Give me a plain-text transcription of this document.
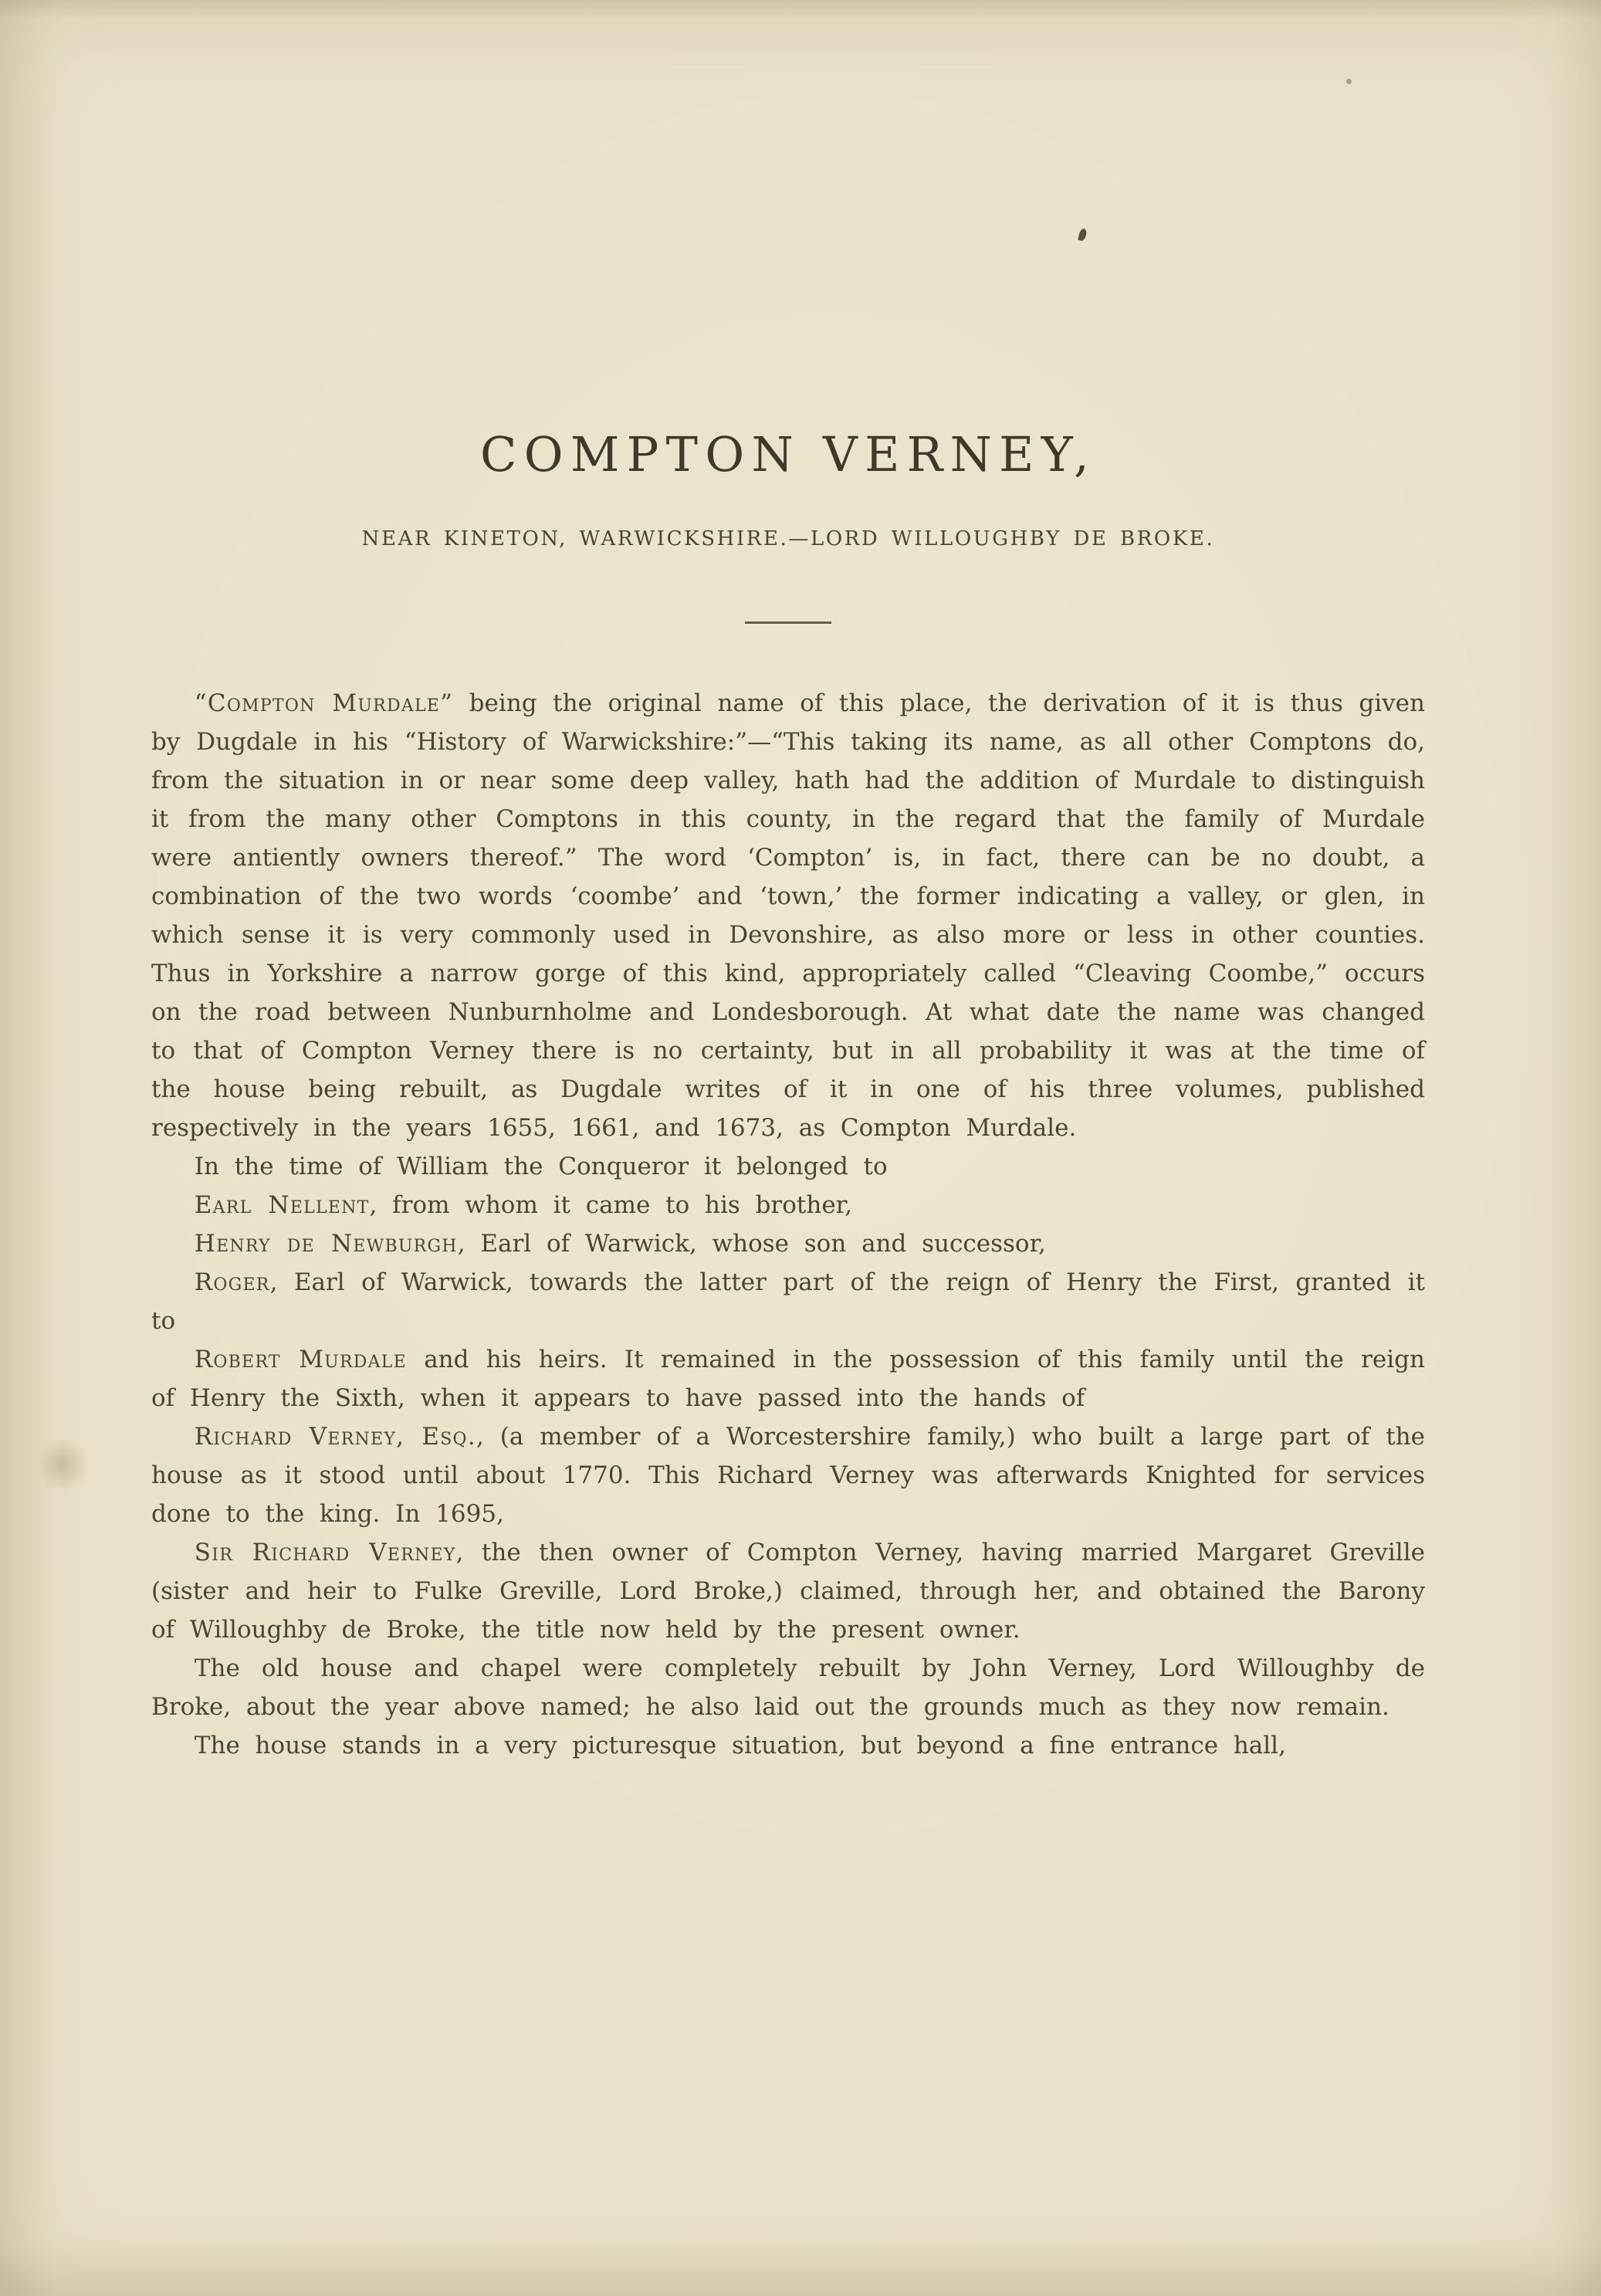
COMPTON VERNEY,
NEAR KINETON, WARWICKSHIRE.—LORD WILLOUGHBY DE BROKE.

“Compton Murdale” being the original name of this place, the derivation of it is thus given by Dugdale in his “History of Warwickshire:”—“This taking its name, as all other Comptons do, from the situation in or near some deep valley, hath had the addition of Murdale to distinguish it from the many other Comptons in this county, in the regard that the family of Murdale were antiently owners thereof.” The word ‘Compton’ is, in fact, there can be no doubt, a combination of the two words ‘coombe’ and ‘town,’ the former indicating a valley, or glen, in which sense it is very commonly used in Devonshire, as also more or less in other counties. Thus in Yorkshire a narrow gorge of this kind, appropriately called “Cleaving Coombe,” occurs on the road between Nunburnholme and Londesborough. At what date the name was changed to that of Compton Verney there is no certainty, but in all probability it was at the time of the house being rebuilt, as Dugdale writes of it in one of his three volumes, published respectively in the years 1655, 1661, and 1673, as Compton Murdale.

In the time of William the Conqueror it belonged to

Earl Nellent, from whom it came to his brother,

Henry de Newburgh, Earl of Warwick, whose son and successor,

Roger, Earl of Warwick, towards the latter part of the reign of Henry the First, granted it to

Robert Murdale and his heirs. It remained in the possession of this family until the reign of Henry the Sixth, when it appears to have passed into the hands of

Richard Verney, Esq., (a member of a Worcestershire family,) who built a large part of the house as it stood until about 1770. This Richard Verney was afterwards Knighted for services done to the king. In 1695,

Sir Richard Verney, the then owner of Compton Verney, having married Margaret Greville (sister and heir to Fulke Greville, Lord Broke,) claimed, through her, and obtained the Barony of Willoughby de Broke, the title now held by the present owner.

The old house and chapel were completely rebuilt by John Verney, Lord Willoughby de Broke, about the year above named; he also laid out the grounds much as they now remain.

The house stands in a very picturesque situation, but beyond a fine entrance hall,
